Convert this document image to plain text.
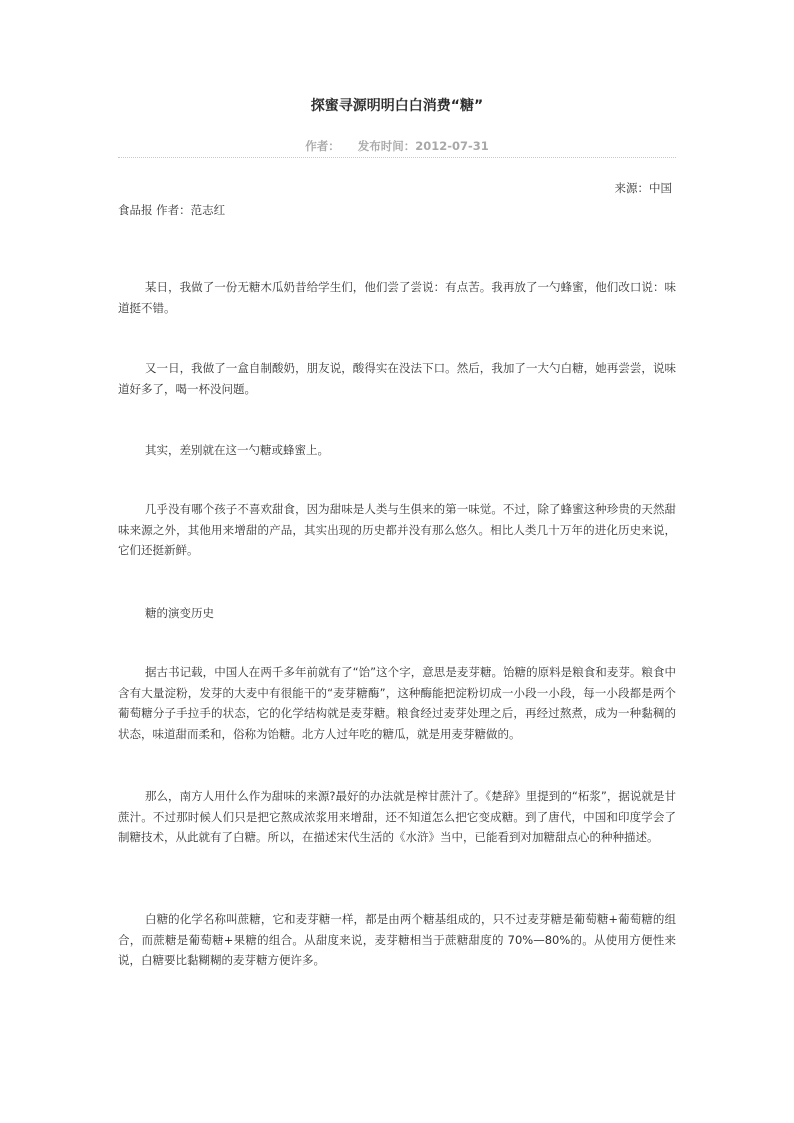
探蜜寻源明明白白消费“糖”
作者： 发布时间：2012-07-31
来源：中国
食品报 作者：范志红

某日，我做了一份无糖木瓜奶昔给学生们，他们尝了尝说：有点苦。我再放了一勺蜂蜜，他们改口说：味道挺不错。

又一日，我做了一盒自制酸奶，朋友说，酸得实在没法下口。然后，我加了一大勺白糖，她再尝尝，说味道好多了，喝一杯没问题。

其实，差别就在这一勺糖或蜂蜜上。

几乎没有哪个孩子不喜欢甜食，因为甜味是人类与生俱来的第一味觉。不过，除了蜂蜜这种珍贵的天然甜味来源之外，其他用来增甜的产品，其实出现的历史都并没有那么悠久。相比人类几十万年的进化历史来说，它们还挺新鲜。

糖的演变历史

据古书记载，中国人在两千多年前就有了“饴”这个字，意思是麦芽糖。饴糖的原料是粮食和麦芽。粮食中含有大量淀粉，发芽的大麦中有很能干的“麦芽糖酶”，这种酶能把淀粉切成一小段一小段，每一小段都是两个葡萄糖分子手拉手的状态，它的化学结构就是麦芽糖。粮食经过麦芽处理之后，再经过熬煮，成为一种黏稠的状态，味道甜而柔和，俗称为饴糖。北方人过年吃的糖瓜，就是用麦芽糖做的。

那么，南方人用什么作为甜味的来源?最好的办法就是榨甘蔗汁了。《楚辞》里提到的“柘浆”，据说就是甘蔗汁。不过那时候人们只是把它熬成浓浆用来增甜，还不知道怎么把它变成糖。到了唐代，中国和印度学会了制糖技术，从此就有了白糖。所以，在描述宋代生活的《水浒》当中，已能看到对加糖甜点心的种种描述。

白糖的化学名称叫蔗糖，它和麦芽糖一样，都是由两个糖基组成的，只不过麦芽糖是葡萄糖+葡萄糖的组合，而蔗糖是葡萄糖+果糖的组合。从甜度来说，麦芽糖相当于蔗糖甜度的 70%—80%的。从使用方便性来说，白糖要比黏糊糊的麦芽糖方便许多。
